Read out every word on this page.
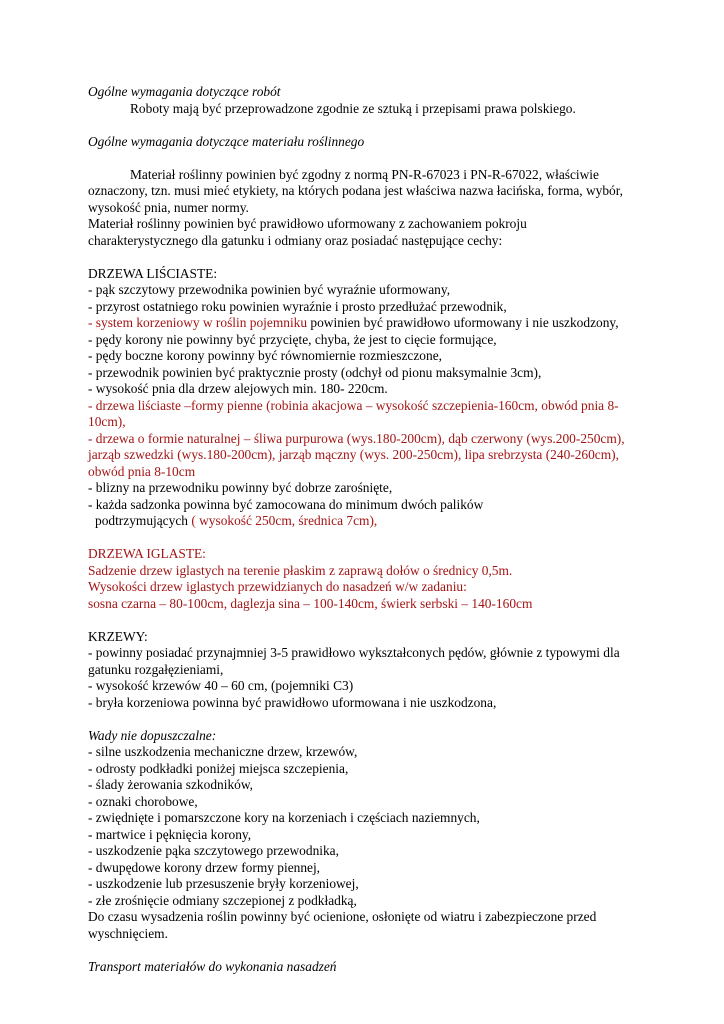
Ogólne wymagania dotyczące robót

Roboty mają być przeprowadzone zgodnie ze sztuką i przepisami prawa polskiego.

Ogólne wymagania dotyczące materiału roślinnego

Materiał roślinny powinien być zgodny z normą PN-R-67023 i PN-R-67022, właściwie

oznaczony, tzn. musi mieć etykiety, na których podana jest właściwa nazwa łacińska, forma, wybór,

wysokość pnia, numer normy.

Materiał roślinny powinien być prawidłowo uformowany z zachowaniem pokroju

charakterystycznego dla gatunku i odmiany oraz posiadać następujące cechy:

DRZEWA LIŚCIASTE:

- pąk szczytowy przewodnika powinien być wyraźnie uformowany,

- przyrost ostatniego roku powinien wyraźnie i prosto przedłużać przewodnik,

- system korzeniowy w roślin pojemniku powinien być prawidłowo uformowany i nie uszkodzony,

- pędy korony nie powinny być przycięte, chyba, że jest to cięcie formujące,

- pędy boczne korony powinny być równomiernie rozmieszczone,

- przewodnik powinien być praktycznie prosty (odchył od pionu maksymalnie 3cm),

- wysokość pnia dla drzew alejowych min. 180- 220cm.

- drzewa liściaste –formy pienne (robinia akacjowa – wysokość szczepienia-160cm, obwód pnia 8-

10cm),

- drzewa o formie naturalnej – śliwa purpurowa (wys.180-200cm), dąb czerwony (wys.200-250cm),

jarząb szwedzki (wys.180-200cm), jarząb mączny (wys. 200-250cm), lipa srebrzysta (240-260cm),

obwód pnia 8-10cm

- blizny na przewodniku powinny być dobrze zarośnięte,

- każda sadzonka powinna być zamocowana do minimum dwóch palików

podtrzymujących ( wysokość 250cm, średnica 7cm),

DRZEWA IGLASTE:

Sadzenie drzew iglastych na terenie płaskim z zaprawą dołów o średnicy 0,5m.

Wysokości drzew iglastych przewidzianych do nasadzeń w/w zadaniu:

sosna czarna – 80-100cm, daglezja sina – 100-140cm, świerk serbski – 140-160cm

KRZEWY:

- powinny posiadać przynajmniej 3-5 prawidłowo wykształconych pędów, głównie z typowymi dla

gatunku rozgałęzieniami,

- wysokość krzewów 40 – 60 cm, (pojemniki C3)

- bryła korzeniowa powinna być prawidłowo uformowana i nie uszkodzona,

Wady nie dopuszczalne:

- silne uszkodzenia mechaniczne drzew, krzewów,

- odrosty podkładki poniżej miejsca szczepienia,

- ślady żerowania szkodników,

- oznaki chorobowe,

- zwiędnięte i pomarszczone kory na korzeniach i częściach naziemnych,

- martwice i pęknięcia korony,

- uszkodzenie pąka szczytowego przewodnika,

- dwupędowe korony drzew formy piennej,

- uszkodzenie lub przesuszenie bryły korzeniowej,

- złe zrośnięcie odmiany szczepionej z podkładką,

Do czasu wysadzenia roślin powinny być ocienione, osłonięte od wiatru i zabezpieczone przed

wyschnięciem.

Transport materiałów do wykonania nasadzeń
